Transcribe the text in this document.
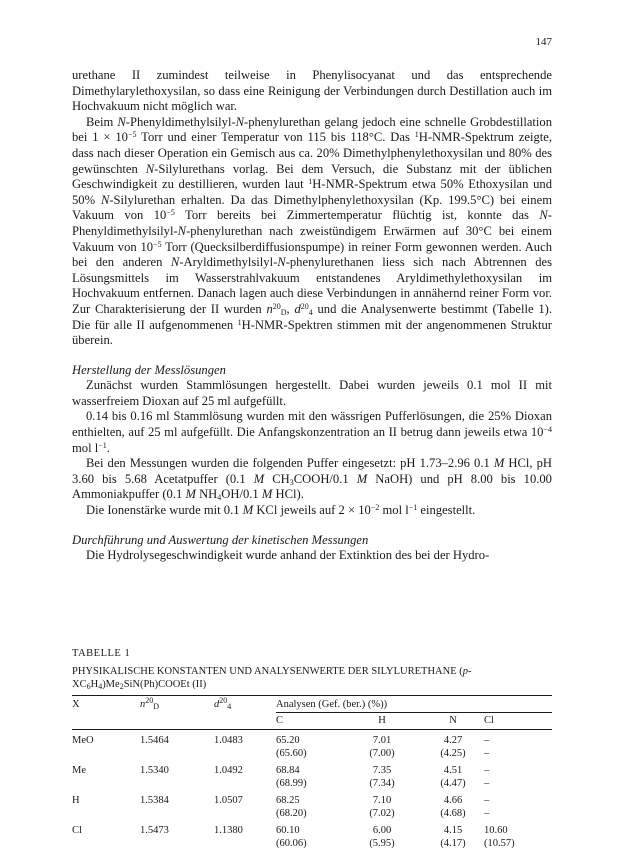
147

urethane II zumindest teilweise in Phenylisocyanat und das entsprechende Dimethylarylethoxysilan, so dass eine Reinigung der Verbindungen durch Destillation auch im Hochvakuum nicht möglich war.

Beim N-Phenyldimethylsilyl-N-phenylurethan gelang jedoch eine schnelle Grobdestillation bei $1 \times 10^{-5}$ Torr und einer Temperatur von 115 bis 118°C. Das $^1$H-NMR-Spektrum zeigte, dass nach dieser Operation ein Gemisch aus ca. 20% Dimethylphenylethoxysilan und 80% des gewünschten N-Silylurethans vorlag. Bei dem Versuch, die Substanz mit der üblichen Geschwindigkeit zu destillieren, wurden laut $^1$H-NMR-Spektrum etwa 50% Ethoxysilan und 50% N-Silylurethan erhalten. Da das Dimethylphenylethoxysilan (Kp. 199.5°C) bei einem Vakuum von $10^{-5}$ Torr bereits bei Zimmertemperatur flüchtig ist, konnte das N-Phenyldimethylsilyl-N-phenylurethan nach zweistündigem Erwärmen auf 30°C bei einem Vakuum von $10^{-5}$ Torr (Quecksilberdiffusionspumpe) in reiner Form gewonnen werden. Auch bei den anderen N-Aryldimethylsilyl-N-phenylurethanen liess sich nach Abtrennen des Lösungsmittels im Wasserstrahlvakuum entstandenes Aryldimethylethoxysilan im Hochvakuum entfernen. Danach lagen auch diese Verbindungen in annähernd reiner Form vor. Zur Charakterisierung der II wurden $n^{20}_D$, $d^{20}_4$ und die Analysenwerte bestimmt (Tabelle 1). Die für alle II aufgenommenen $^1$H-NMR-Spektren stimmen mit der angenommenen Struktur überein.

Herstellung der Messlösungen

Zunächst wurden Stammlösungen hergestellt. Dabei wurden jeweils 0.1 mol II mit wasserfreiem Dioxan auf 25 ml aufgefüllt.

0.14 bis 0.16 ml Stammlösung wurden mit den wässrigen Pufferlösungen, die 25% Dioxan enthielten, auf 25 ml aufgefüllt. Die Anfangskonzentration an II betrug dann jeweils etwa $10^{-4}$ mol $l^{-1}$.

Bei den Messungen wurden die folgenden Puffer eingesetzt: pH 1.73–2.96 0.1 M HCl, pH 3.60 bis 5.68 Acetatpuffer (0.1 M $CH_3COOH/0.1$ M NaOH) und pH 8.00 bis 10.00 Ammoniakpuffer (0.1 M $NH_4OH/0.1$ M HCl).

Die Ionenstärke wurde mit 0.1 M KCl jeweils auf $2 \times 10^{-2}$ mol $l^{-1}$ eingestellt.

Durchführung und Auswertung der kinetischen Messungen

Die Hydrolysegeschwindigkeit wurde anhand der Extinktion des bei der Hydro-

TABELLE 1
PHYSIKALISCHE KONSTANTEN UND ANALYSENWERTE DER SILYLURETHANE (p-
$XC_6H_4)Me_2SiN(Ph)COOEt$ (II)
X	$n^{20}_D$	$d^{20}_4$	Analysen (Gef. (ber.) (%))			
			C	H	N	Cl
MeO	1.5464	1.0483	65.20	7.01	4.27	–
			(65.60)	(7.00)	(4.25)	–
Me	1.5340	1.0492	68.84	7.35	4.51	–
			(68.99)	(7.34)	(4.47)	–
H	1.5384	1.0507	68.25	7.10	4.66	–
			(68.20)	(7.02)	(4.68)	–
Cl	1.5473	1.1380	60.10	6.00	4.15	10.60
			(60.06)	(5.95)	(4.17)	(10.57)
